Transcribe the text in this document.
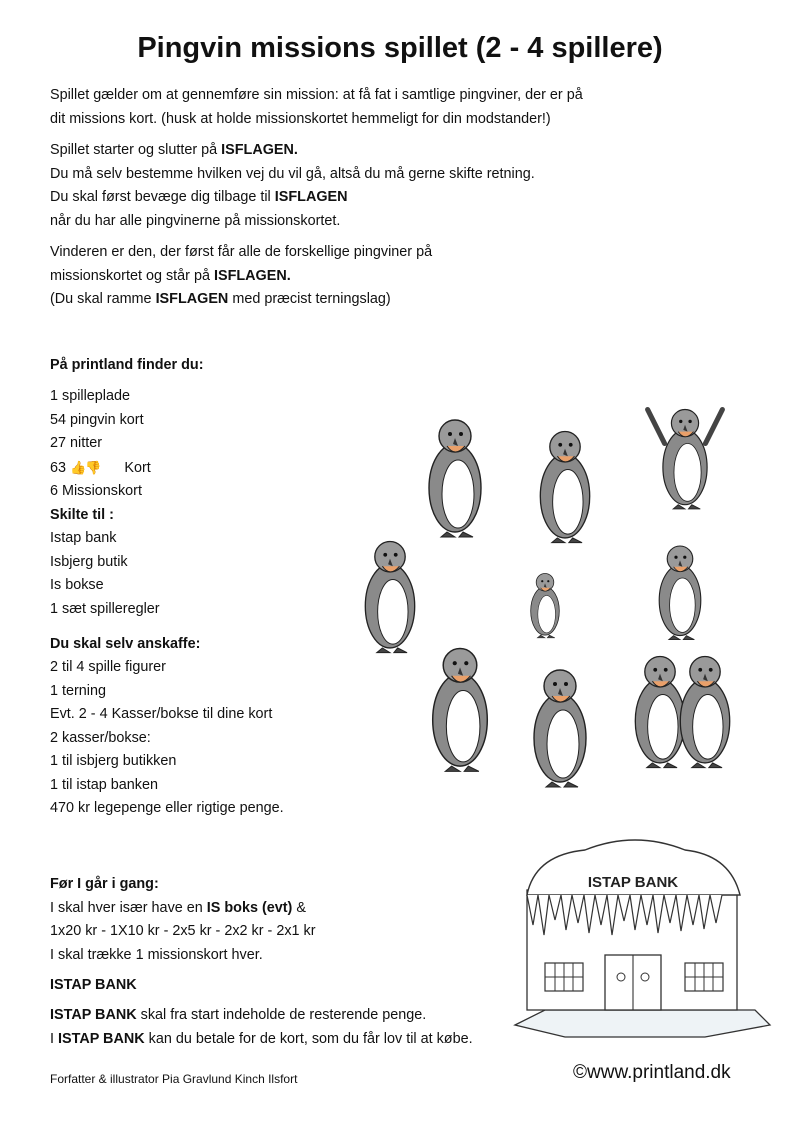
Pingvin missions spillet (2 - 4 spillere)
Spillet gælder om at gennemføre sin mission: at få fat i samtlige pingviner, der er på
dit missions kort. (husk at holde missionskortet hemmeligt for din modstander!)
Spillet starter og slutter på ISFLAGEN.
Du må selv bestemme hvilken vej du vil gå, altså du må gerne skifte retning.
Du skal først bevæge dig tilbage til ISFLAGEN
når du har alle pingvinerne på missionskortet.
Vinderen er den, der først får alle de forskellige pingviner på
missionskortet og står på ISFLAGEN.
(Du skal ramme ISFLAGEN med præcist terningslag)
På printland finder du:
1 spilleplade
54 pingvin kort
27 nitter
63 👍👎 Kort
6 Missionskort
Skilte til :
Istap bank
Isbjerg butik
Is bokse
1 sæt spilleregler
Du skal selv anskaffe:
2 til 4 spille figurer
1 terning
Evt. 2 - 4 Kasser/bokse til dine kort
2 kasser/bokse:
1 til isbjerg butikken
1 til istap banken
470 kr legepenge eller rigtige penge.
Før I går i gang:
I skal hver især have en IS boks (evt) &
1x20 kr - 1X10 kr - 2x5 kr - 2x2 kr - 2x1 kr
I skal trække 1 missionskort hver.
ISTAP BANK
ISTAP BANK skal fra start indeholde de resterende penge.
I ISTAP BANK kan du betale for de kort, som du får lov til at købe.
Forfatter & illustrator Pia Gravlund Kinch Ilsfort	©www.printland.dk
ISTAP BANK
